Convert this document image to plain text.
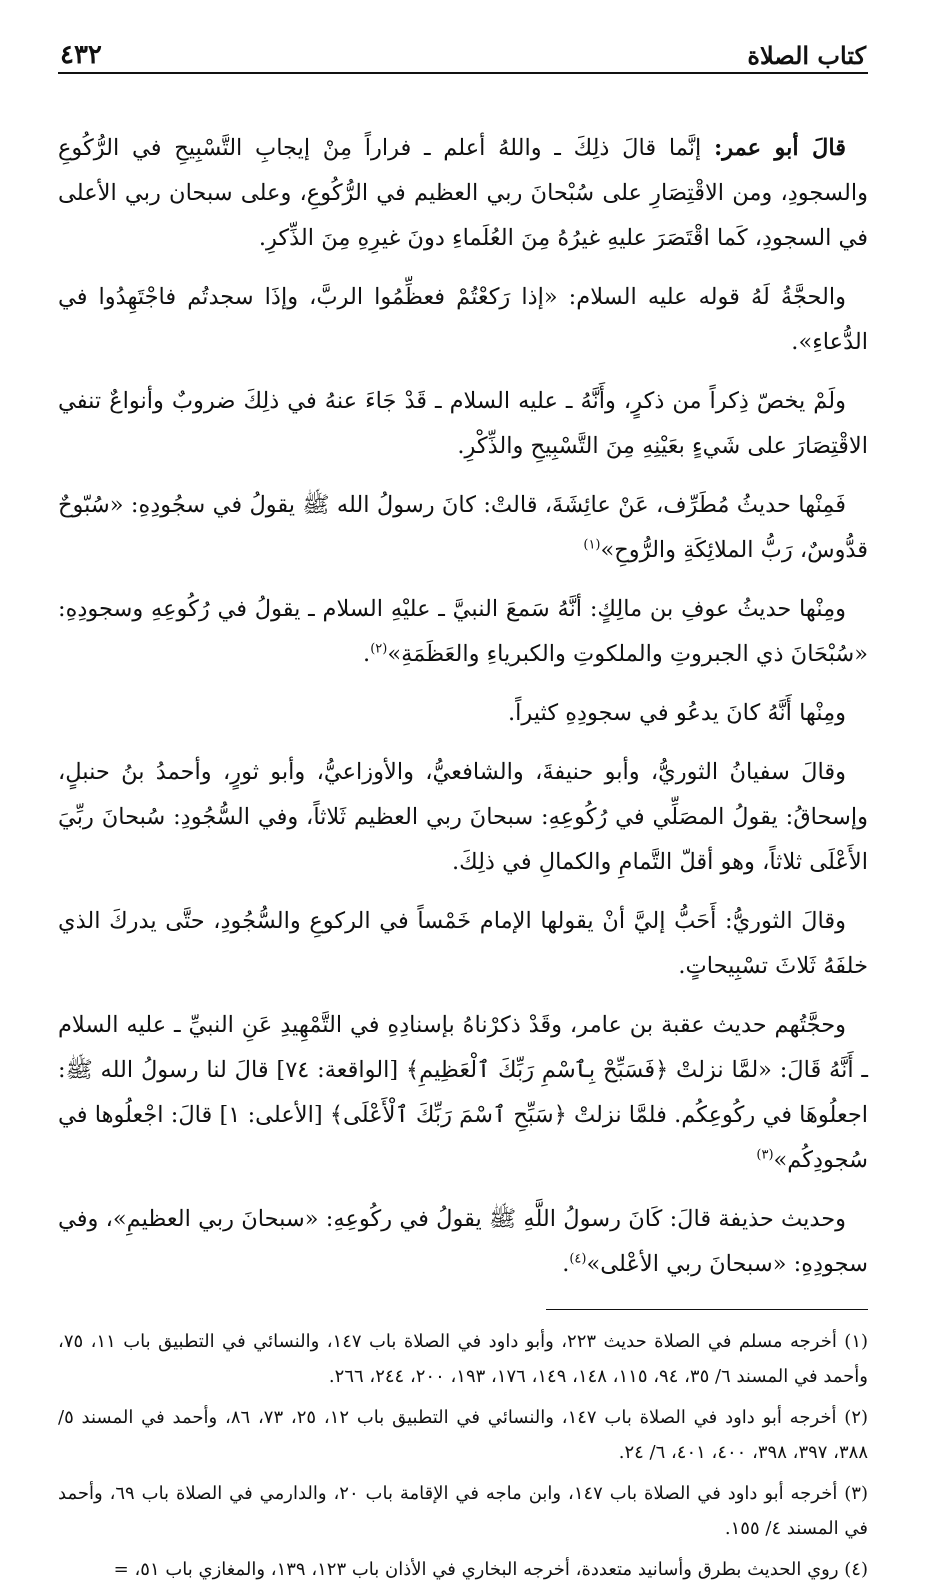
كتاب الصلاة
٤٣٢

قالَ أبو عمر: إنَّما قالَ ذلِكَ ـ واللهُ أعلم ـ فراراً مِنْ إيجابِ التَّسْبِيحِ في الرُّكُوعِ والسجودِ، ومن الاقْتِصَارِ على سُبْحانَ ربي العظيم في الرُّكُوعِ، وعلى سبحان ربي الأعلى في السجودِ، كَما اقْتَصَرَ عليهِ غيرُهُ مِنَ العُلَماءِ دونَ غيرِهِ مِنَ الذِّكرِ.

والحجَّةُ لَهُ قوله عليه السلام: «إذا رَكعْتُمْ فعظِّمُوا الربَّ، وإذَا سجدتُم فاجْتَهِدُوا في الدُّعاءِ».

ولَمْ يخصّ ذِكراً من ذكرٍ، وأَنَّهُ ـ عليه السلام ـ قَدْ جَاءَ عنهُ في ذلِكَ ضروبٌ وأنواعٌ تنفي الاقْتِصَارَ على شَيءٍ بعَيْنِهِ مِنَ التَّسْبِيحِ والذِّكْرِ.

فَمِنْها حديثُ مُطَرِّف، عَنْ عائِشَةَ، قالتْ: كانَ رسولُ الله ﷺ يقولُ في سجُودِهِ: «سُبّوحٌ قدُّوسٌ، رَبُّ الملائِكَةِ والرُّوحِ»$^{(١)}$

ومِنْها حديثُ عوفِ بن مالِكٍ: أنَّهُ سَمعَ النبيَّ ـ عليْهِ السلام ـ يقولُ في رُكُوعِهِ وسجودِهِ: «سُبْحَانَ ذي الجبروتِ والملكوتِ والكبرياءِ والعَظَمَةِ»$^{(٢)}$.

ومِنْها أَنَّهُ كانَ يدعُو في سجودِهِ كثيراً.

وقالَ سفيانُ الثوريُّ، وأبو حنيفةَ، والشافعيُّ، والأوزاعيُّ، وأبو ثورٍ، وأحمدُ بنُ حنبلٍ، وإسحاقُ: يقولُ المصَلِّي في رُكُوعِهِ: سبحانَ ربي العظيم ثَلاثاً، وفي السُّجُودِ: سُبحانَ ربِّيَ الأَعْلَى ثلاثاً، وهو أقلّ التَّمامِ والكمالِ في ذلِكَ.

وقالَ الثوريُّ: أَحَبُّ إليَّ أنْ يقولها الإمام خَمْساً في الركوعِ والسُّجُودِ، حتَّى يدركَ الذي خلفَهُ ثَلاثَ تسْبِيحاتٍ.

وحجَّتُهم حديث عقبة بن عامر، وقَدْ ذكرْناهُ بإسنادِهِ في التَّمْهِيدِ عَنِ النبيِّ ـ عليه السلام ـ أَنَّهُ قَالَ: «لمَّا نزلتْ ﴿فَسَبِّحْ بِٱسْمِ رَبِّكَ ٱلْعَظِيمِ﴾ [الواقعة: ٧٤] قالَ لنا رسولُ الله ﷺ: اجعلُوهَا في ركُوعِكُم. فلمَّا نزلتْ ﴿سَبِّحِ ٱسْمَ رَبِّكَ ٱلْأَعْلَى﴾ [الأعلى: ١] قالَ: اجْعلُوها في سُجودِكُم»$^{(٣)}$

وحديث حذيفة قالَ: كَانَ رسولُ اللَّهِ ﷺ يقولُ في ركُوعِهِ: «سبحانَ ربي العظيمِ»، وفي سجودِهِ: «سبحانَ ربي الأعْلى»$^{(٤)}$.

(١) أخرجه مسلم في الصلاة حديث ٢٢٣، وأبو داود في الصلاة باب ١٤٧، والنسائي في التطبيق باب ١١، ٧٥، وأحمد في المسند ٦/ ٣٥، ٩٤، ١١٥، ١٤٨، ١٤٩، ١٧٦، ١٩٣، ٢٠٠، ٢٤٤، ٢٦٦.

(٢) أخرجه أبو داود في الصلاة باب ١٤٧، والنسائي في التطبيق باب ١٢، ٢٥، ٧٣، ٨٦، وأحمد في المسند ٥/ ٣٨٨، ٣٩٧، ٣٩٨، ٤٠٠، ٤٠١، ٦/ ٢٤.

(٣) أخرجه أبو داود في الصلاة باب ١٤٧، وابن ماجه في الإقامة باب ٢٠، والدارمي في الصلاة باب ٦٩، وأحمد في المسند ٤/ ١٥٥.

(٤) روي الحديث بطرق وأسانيد متعددة، أخرجه البخاري في الأذان باب ١٢٣، ١٣٩، والمغازي باب ٥١، =
